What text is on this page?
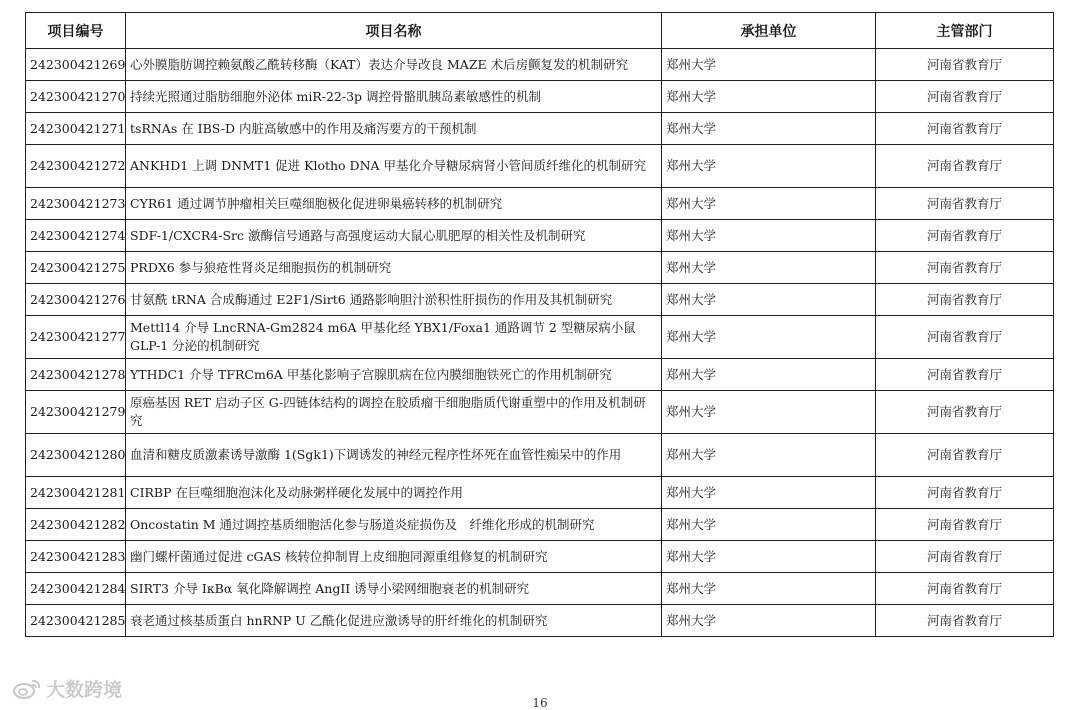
项目编号	项目名称	承担单位	主管部门
242300421269	心外膜脂肪调控赖氨酸乙酰转移酶（KAT）表达介导改良 MAZE 术后房颤复发的机制研究	郑州大学	河南省教育厅
242300421270	持续光照通过脂肪细胞外泌体 miR-22-3p 调控骨骼肌胰岛素敏感性的机制	郑州大学	河南省教育厅
242300421271	tsRNAs 在 IBS-D 内脏高敏感中的作用及痛泻要方的干预机制	郑州大学	河南省教育厅
242300421272	ANKHD1 上调 DNMT1 促进 Klotho DNA 甲基化介导糖尿病肾小管间质纤维化的机制研究	郑州大学	河南省教育厅
242300421273	CYR61 通过调节肿瘤相关巨噬细胞极化促进卵巢癌转移的机制研究	郑州大学	河南省教育厅
242300421274	SDF-1/CXCR4-Src 激酶信号通路与高强度运动大鼠心肌肥厚的相关性及机制研究	郑州大学	河南省教育厅
242300421275	PRDX6 参与狼疮性肾炎足细胞损伤的机制研究	郑州大学	河南省教育厅
242300421276	甘氨酰 tRNA 合成酶通过 E2F1/Sirt6 通路影响胆汁淤积性肝损伤的作用及其机制研究	郑州大学	河南省教育厅
242300421277	Mettl14 介导 LncRNA-Gm2824 m6A 甲基化经 YBX1/Foxa1 通路调节 2 型糖尿病小鼠 GLP-1 分泌的机制研究	郑州大学	河南省教育厅
242300421278	YTHDC1 介导 TFRCm6A 甲基化影响子宫腺肌病在位内膜细胞铁死亡的作用机制研究	郑州大学	河南省教育厅
242300421279	原癌基因 RET 启动子区 G-四链体结构的调控在胶质瘤干细胞脂质代谢重塑中的作用及机制研究	郑州大学	河南省教育厅
242300421280	血清和糖皮质激素诱导激酶 1(Sgk1)下调诱发的神经元程序性坏死在血管性痴呆中的作用	郑州大学	河南省教育厅
242300421281	CIRBP 在巨噬细胞泡沫化及动脉粥样硬化发展中的调控作用	郑州大学	河南省教育厅
242300421282	Oncostatin M 通过调控基质细胞活化参与肠道炎症损伤及　纤维化形成的机制研究	郑州大学	河南省教育厅
242300421283	幽门螺杆菌通过促进 cGAS 核转位抑制胃上皮细胞同源重组修复的机制研究	郑州大学	河南省教育厅
242300421284	SIRT3 介导 IκBα 氧化降解调控 AngII 诱导小梁网细胞衰老的机制研究	郑州大学	河南省教育厅
242300421285	衰老通过核基质蛋白 hnRNP U 乙酰化促进应激诱导的肝纤维化的机制研究	郑州大学	河南省教育厅
大数跨境
16
